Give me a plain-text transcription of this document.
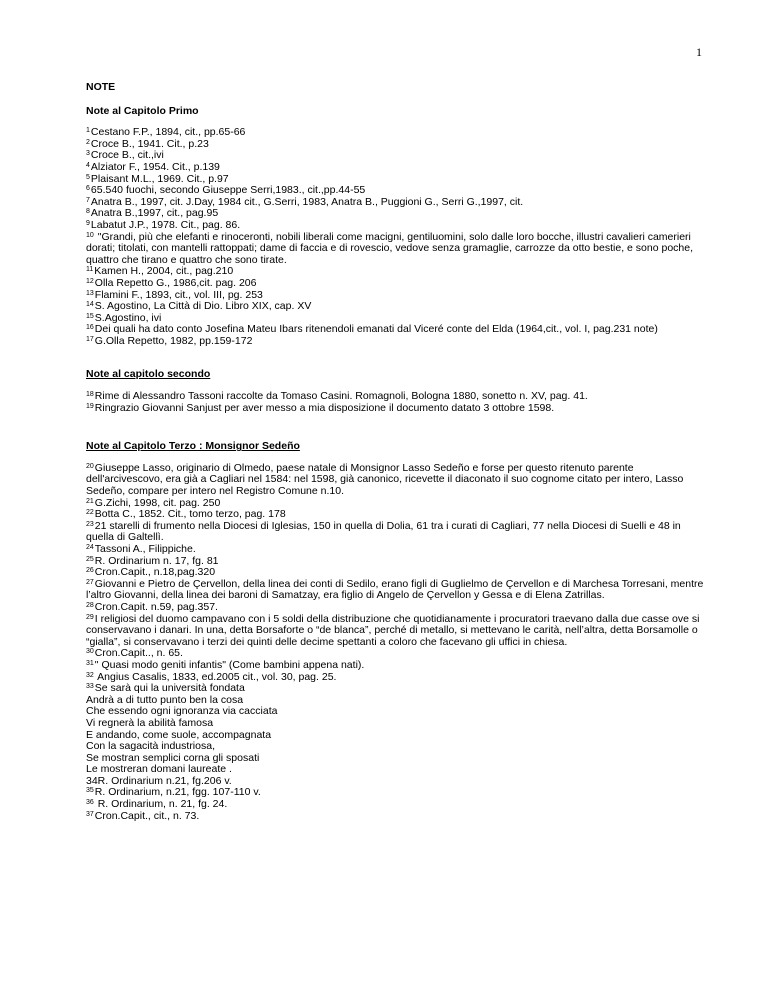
1

NOTE

Note al Capitolo Primo

$^1$Cestano F.P., 1894, cit., pp.65-66

$^2$Croce B., 1941. Cit., p.23

$^3$Croce B., cit.,ivi

$^4$Alziator F., 1954. Cit., p.139

$^5$Plaisant M.L., 1969. Cit., p.97

$^6$65.540 fuochi, secondo Giuseppe Serri,1983., cit.,pp.44-55

$^7$Anatra B., 1997, cit. J.Day, 1984 cit., G.Serri, 1983, Anatra B., Puggioni G., Serri G.,1997, cit.

$^8$Anatra B.,1997, cit., pag.95

$^9$Labatut J.P., 1978. Cit., pag. 86.

$^{10}$ "Grandi, più che elefanti e rinoceronti, nobili liberali come macigni, gentiluomini, solo dalle loro bocche, illustri cavalieri camerieri dorati; titolati, con mantelli rattoppati; dame di faccia e di rovescio, vedove senza gramaglie, carrozze da otto bestie, e sono poche, quattro che tirano e quattro che sono tirate.

$^{11}$Kamen H., 2004, cit., pag.210

$^{12}$Olla Repetto G., 1986,cit. pag. 206

$^{13}$Flamini F., 1893, cit., vol. III, pg. 253

$^{14}$S. Agostino, La Città di Dio. Libro XIX, cap. XV

$^{15}$S.Agostino, ivi

$^{16}$Dei quali ha dato conto Josefina Mateu Ibars ritenendoli emanati dal Viceré conte del Elda (1964,cit., vol. I, pag.231 note)

$^{17}$G.Olla Repetto, 1982, pp.159-172

Note al capitolo secondo

$^{18}$Rime di Alessandro Tassoni raccolte da Tomaso Casini. Romagnoli, Bologna 1880, sonetto n. XV, pag. 41.

$^{19}$Ringrazio Giovanni Sanjust per aver messo a mia disposizione il documento datato 3 ottobre 1598.

Note al Capitolo Terzo : Monsignor Sedeño

$^{20}$Giuseppe Lasso, originario di Olmedo, paese natale di Monsignor Lasso Sedeño e forse per questo ritenuto parente dell'arcivescovo, era già a Cagliari nel 1584: nel 1598, già canonico, ricevette il diaconato il suo cognome citato per intero, Lasso Sedeño, compare per intero nel Registro Comune n.10.

$^{21}$G.Zichi, 1998, cit. pag. 250

$^{22}$Botta C., 1852. Cit., tomo terzo, pag. 178

$^{23}$21 starelli di frumento nella Diocesi di Iglesias, 150 in quella di Dolia, 61 tra i curati di Cagliari, 77 nella Diocesi di Suelli e 48 in quella di Galtellì.

$^{24}$Tassoni A., Filippiche.

$^{25}$R. Ordinarium n. 17, fg. 81

$^{26}$Cron.Capit., n.18,pag.320

$^{27}$Giovanni e Pietro de Çervellon, della linea dei conti di Sedilo, erano figli di Guglielmo de Çervellon e di Marchesa Torresani, mentre l’altro Giovanni, della linea dei baroni di Samatzay, era figlio di Angelo de Çervellon y Gessa e di Elena Zatrillas.

$^{28}$Cron.Capit. n.59, pag.357.

$^{29}$I religiosi del duomo campavano con i 5 soldi della distribuzione che quotidianamente i procuratori traevano dalla due casse ove si conservavano i danari. In una, detta Borsaforte o “de blanca”, perché di metallo, si mettevano le carità, nell’altra, detta Borsamolle o “gialla”, si conservavano i terzi dei quinti delle decime spettanti a coloro che facevano gli uffici in chiesa.

$^{30}$Cron.Capit.., n. 65.

$^{31}$" Quasi modo geniti infantis" (Come bambini appena nati).

$^{32}$ Angius Casalis, 1833, ed.2005 cit., vol. 30, pag. 25.

$^{33}$Se sarà qui la università fondata

Andrà a di tutto punto ben la cosa

Che essendo ogni ignoranza via cacciata

Vi regnerà la abilità famosa

E andando, come suole, accompagnata

Con la sagacità industriosa,

Se mostran semplici corna gli sposati

Le mostreran domani laureate .

34R. Ordinarium n.21, fg.206 v.

$^{35}$R. Ordinarium, n.21, fgg. 107-110 v.

$^{36}$ R. Ordinarium, n. 21, fg. 24.

$^{37}$Cron.Capit., cit., n. 73.
